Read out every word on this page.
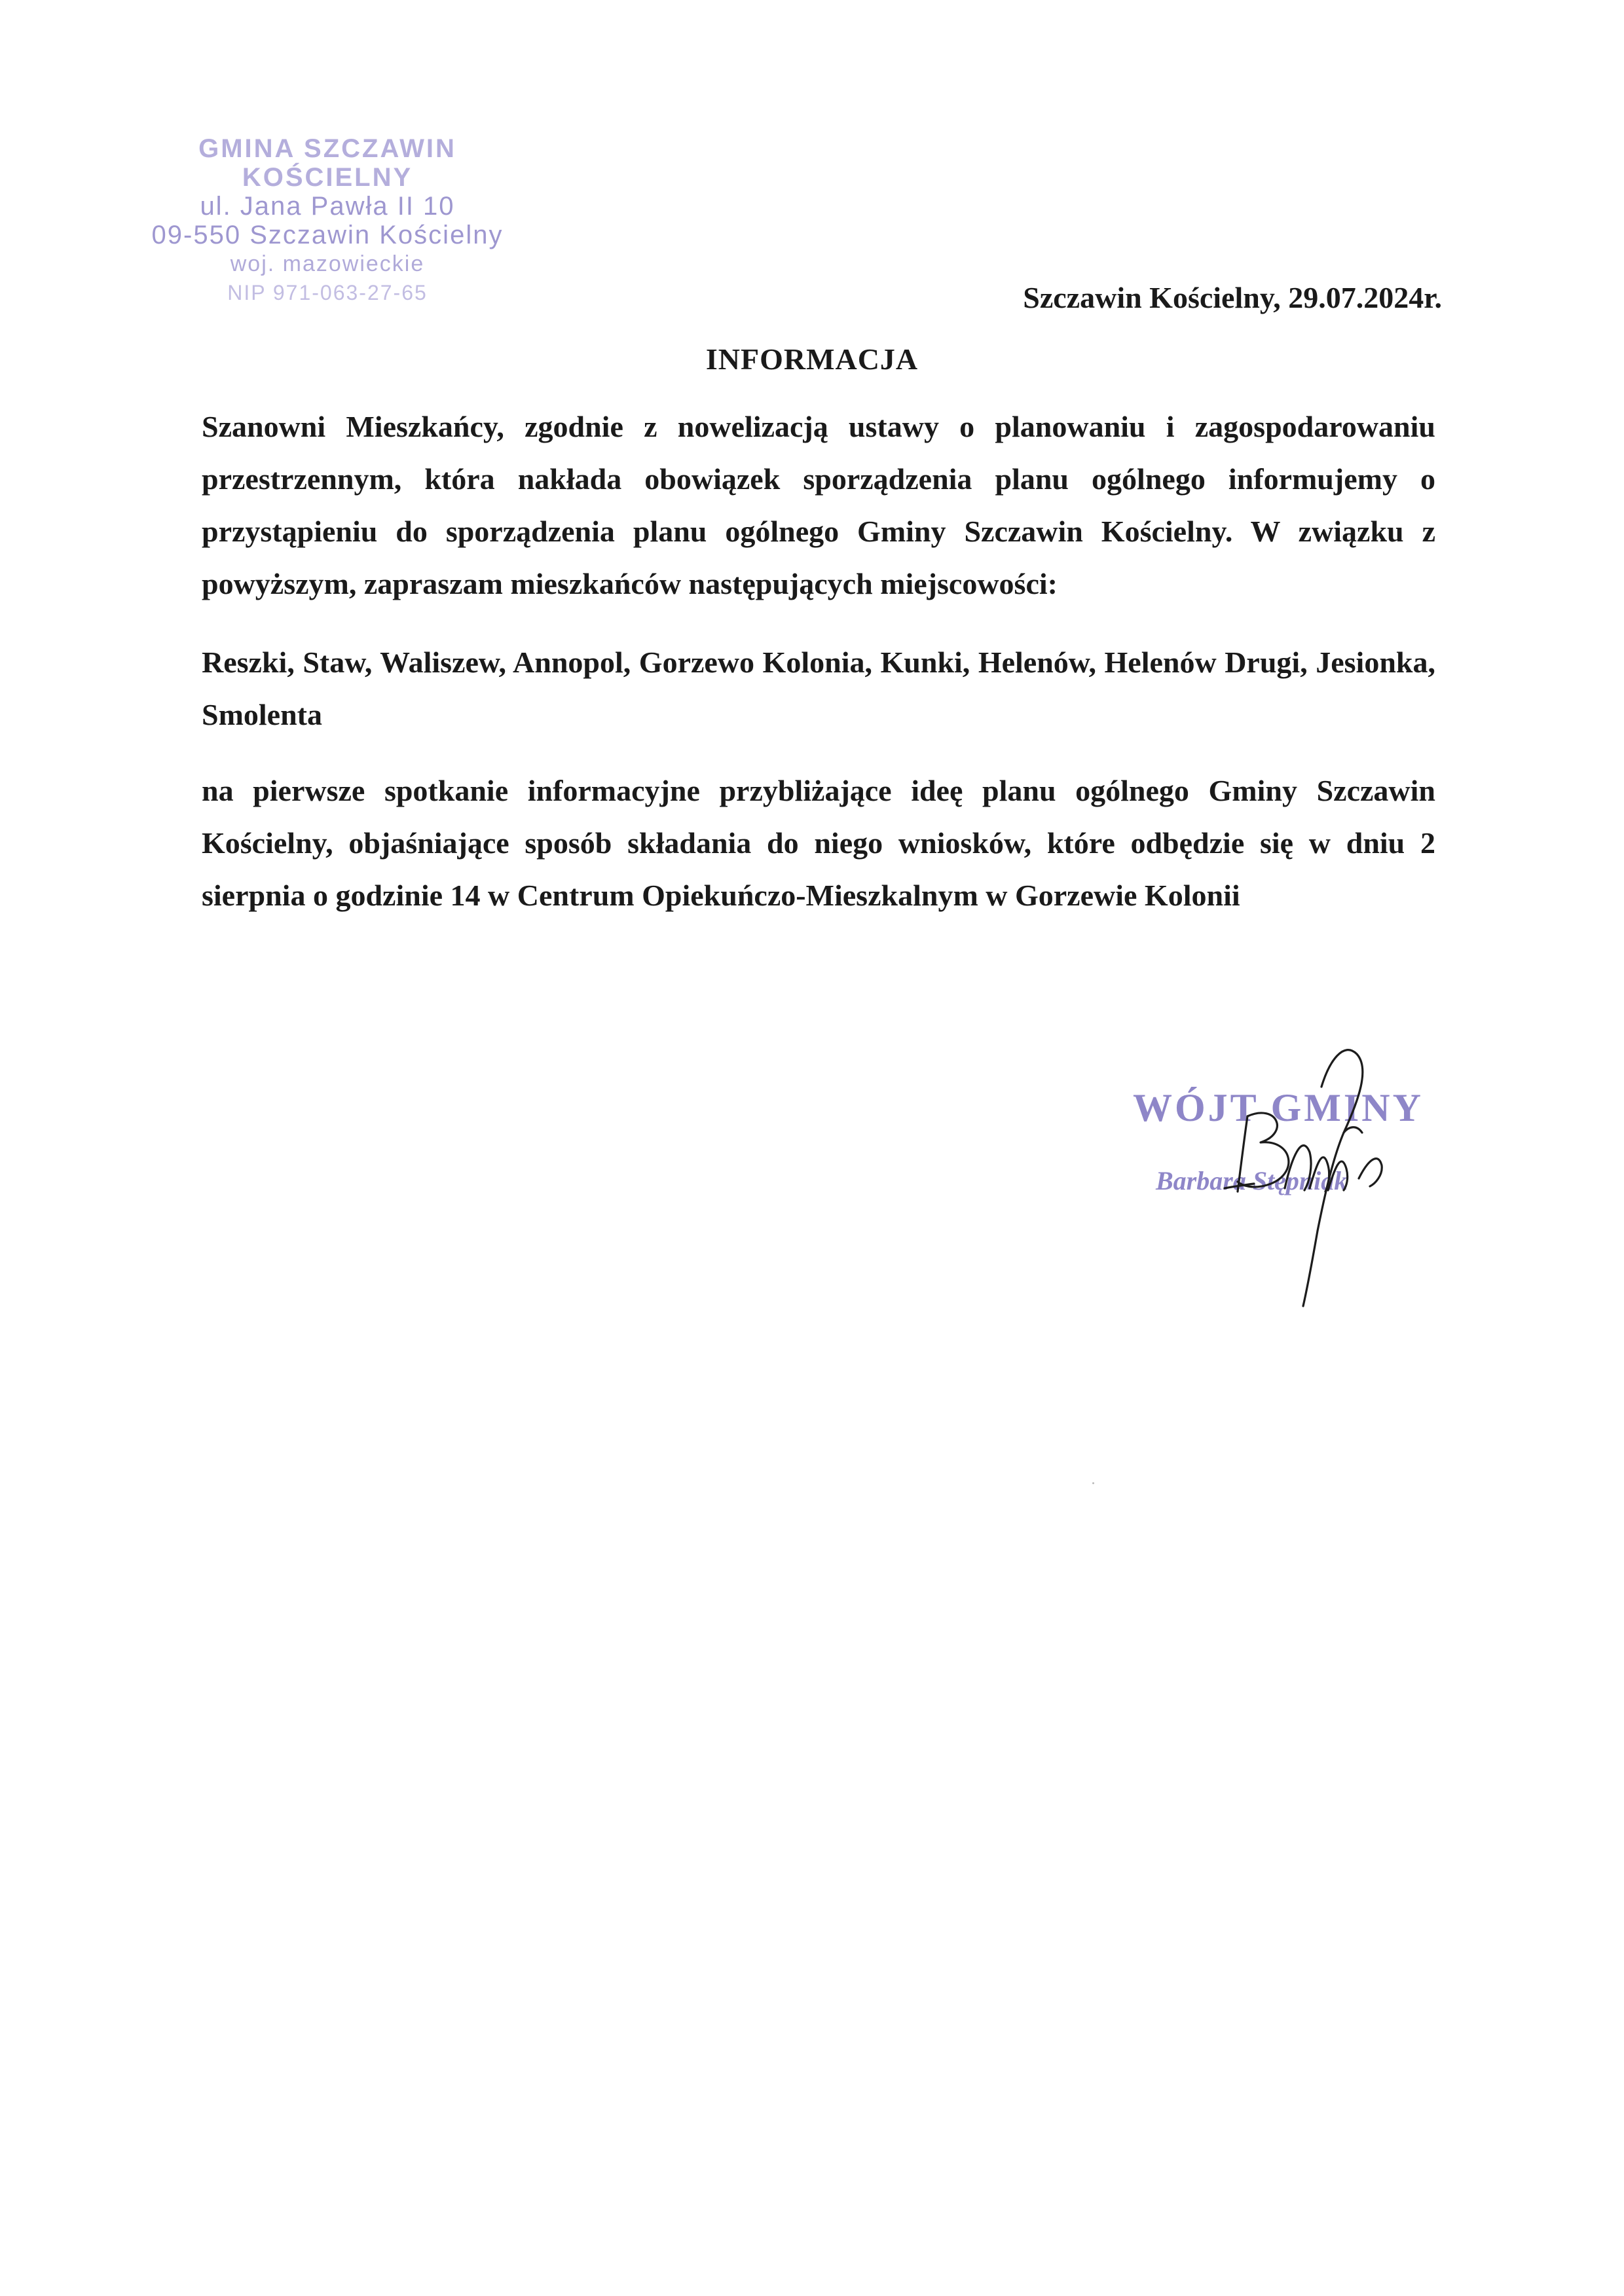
GMINA SZCZAWIN KOŚCIELNY
ul. Jana Pawła II 10
09-550 Szczawin Kościelny
woj. mazowieckie
NIP 971-063-27-65	Szczawin Kościelny, 29.07.2024r.
INFORMACJA
Szanowni Mieszkańcy, zgodnie z nowelizacją ustawy o planowaniu i zagospodarowaniu przestrzennym, która nakłada obowiązek sporządzenia planu ogólnego informujemy o przystąpieniu do sporządzenia planu ogólnego Gminy Szczawin Kościelny. W związku z powyższym, zapraszam mieszkańców następujących miejscowości:
Reszki, Staw, Waliszew, Annopol, Gorzewo Kolonia, Kunki, Helenów, Helenów Drugi, Jesionka, Smolenta
na pierwsze spotkanie informacyjne przybliżające ideę planu ogólnego Gminy Szczawin Kościelny, objaśniające sposób składania do niego wniosków, które odbędzie się w dniu 2 sierpnia o godzinie 14 w Centrum Opiekuńczo-Mieszkalnym w Gorzewie Kolonii
WÓJT GMINY
Barbara Stępniak
